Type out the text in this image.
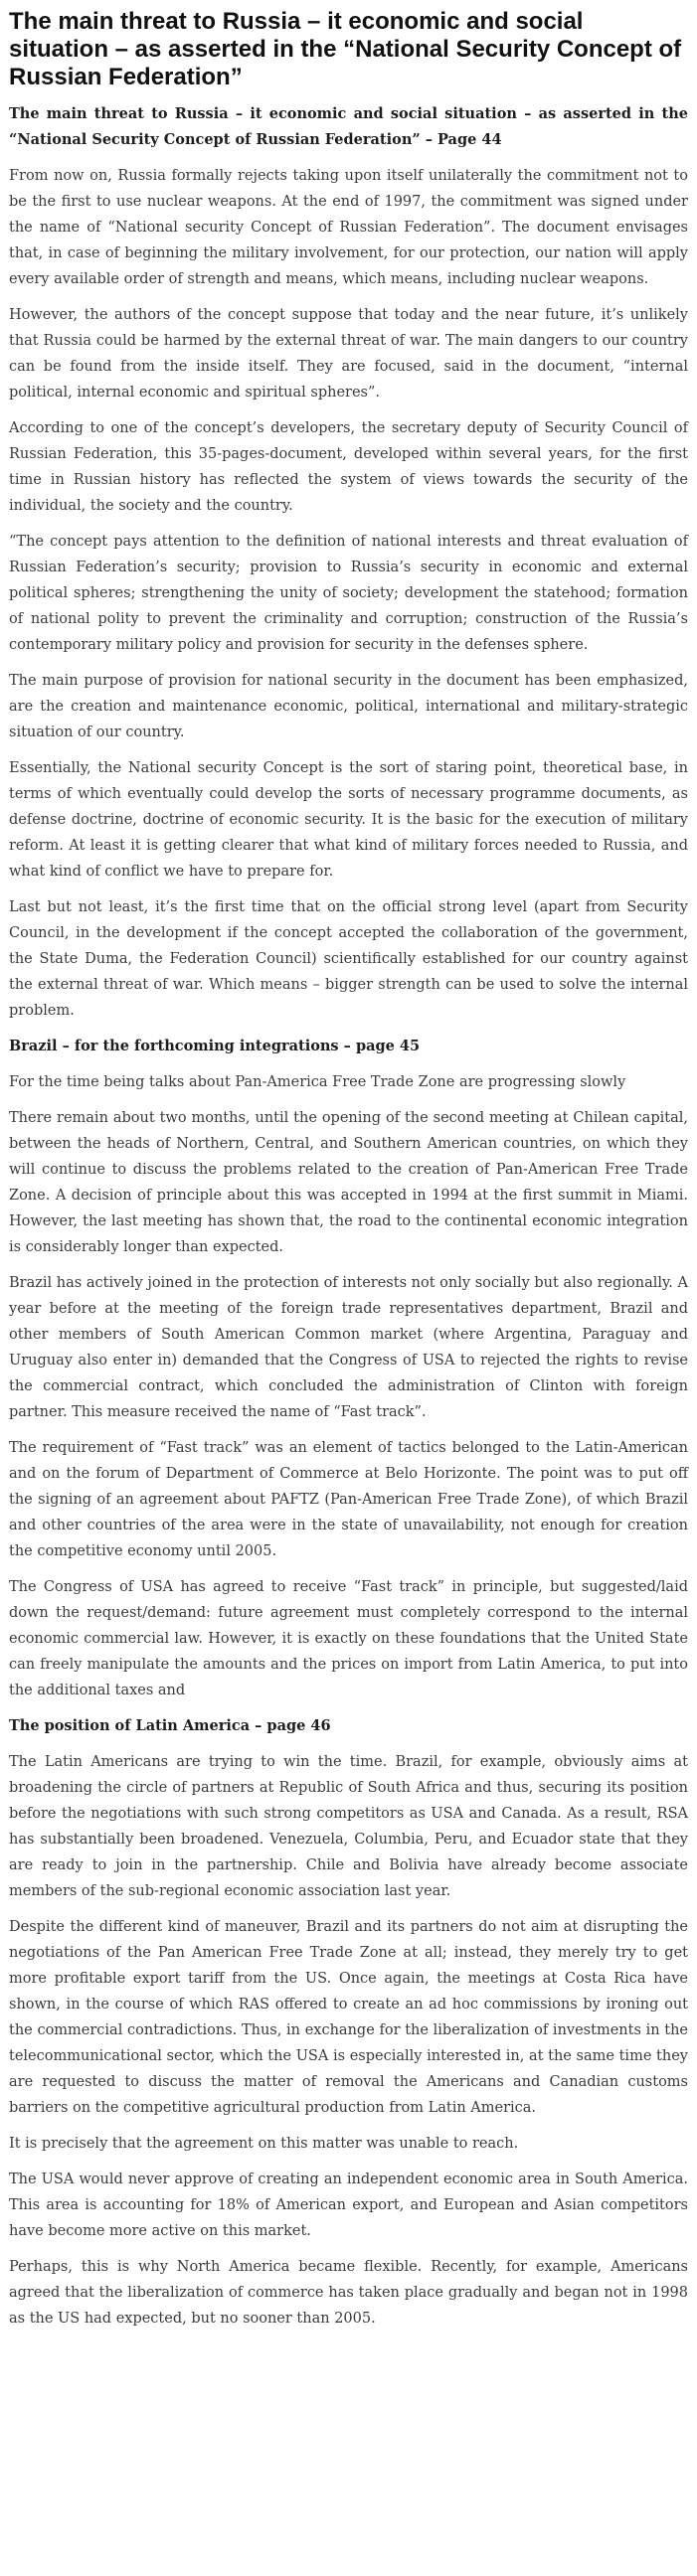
The main threat to Russia – it economic and social situation – as asserted in the “National Security Concept of Russian Federation”

The main threat to Russia – it economic and social situation – as asserted in the “National Security Concept of Russian Federation” – Page 44

From now on, Russia formally rejects taking upon itself unilaterally the commitment not to be the first to use nuclear weapons. At the end of 1997, the commitment was signed under the name of “National security Concept of Russian Federation”. The document envisages that, in case of beginning the military involvement, for our protection, our nation will apply every available order of strength and means, which means, including nuclear weapons.

However, the authors of the concept suppose that today and the near future, it’s unlikely that Russia could be harmed by the external threat of war. The main dangers to our country can be found from the inside itself. They are focused, said in the document, “internal political, internal economic and spiritual spheres”.

According to one of the concept’s developers, the secretary deputy of Security Council of Russian Federation, this 35-pages-document, developed within several years, for the first time in Russian history has reflected the system of views towards the security of the individual, the society and the country.

“The concept pays attention to the definition of national interests and threat evaluation of Russian Federation’s security; provision to Russia’s security in economic and external political spheres; strengthening the unity of society; development the statehood; formation of national polity to prevent the criminality and corruption; construction of the Russia’s contemporary military policy and provision for security in the defenses sphere.

The main purpose of provision for national security in the document has been emphasized, are the creation and maintenance economic, political, international and military-strategic situation of our country.

Essentially, the National security Concept is the sort of staring point, theoretical base, in terms of which eventually could develop the sorts of necessary programme documents, as defense doctrine, doctrine of economic security. It is the basic for the execution of military reform. At least it is getting clearer that what kind of military forces needed to Russia, and what kind of conflict we have to prepare for.

Last but not least, it’s the first time that on the official strong level (apart from Security Council, in the development if the concept accepted the collaboration of the government, the State Duma, the Federation Council) scientifically established for our country against the external threat of war. Which means – bigger strength can be used to solve the internal problem.

Brazil – for the forthcoming integrations – page 45

For the time being talks about Pan-America Free Trade Zone are progressing slowly

There remain about two months, until the opening of the second meeting at Chilean capital, between the heads of Northern, Central, and Southern American countries, on which they will continue to discuss the problems related to the creation of Pan-American Free Trade Zone. A decision of principle about this was accepted in 1994 at the first summit in Miami. However, the last meeting has shown that, the road to the continental economic integration is considerably longer than expected.

Brazil has actively joined in the protection of interests not only socially but also regionally. A year before at the meeting of the foreign trade representatives department, Brazil and other members of South American Common market (where Argentina, Paraguay and Uruguay also enter in) demanded that the Congress of USA to rejected the rights to revise the commercial contract, which concluded the administration of Clinton with foreign partner. This measure received the name of “Fast track”.

The requirement of “Fast track” was an element of tactics belonged to the Latin-American and on the forum of Department of Commerce at Belo Horizonte. The point was to put off the signing of an agreement about PAFTZ (Pan-American Free Trade Zone), of which Brazil and other countries of the area were in the state of unavailability, not enough for creation the competitive economy until 2005.

The Congress of USA has agreed to receive “Fast track” in principle, but suggested/laid down the request/demand: future agreement must completely correspond to the internal economic commercial law. However, it is exactly on these foundations that the United State can freely manipulate the amounts and the prices on import from Latin America, to put into the additional taxes and

The position of Latin America – page 46

The Latin Americans are trying to win the time. Brazil, for example, obviously aims at broadening the circle of partners at Republic of South Africa and thus, securing its position before the negotiations with such strong competitors as USA and Canada. As a result, RSA has substantially been broadened. Venezuela, Columbia, Peru, and Ecuador state that they are ready to join in the partnership. Chile and Bolivia have already become associate members of the sub-regional economic association last year.

Despite the different kind of maneuver, Brazil and its partners do not aim at disrupting the negotiations of the Pan American Free Trade Zone at all; instead, they merely try to get more profitable export tariff from the US. Once again, the meetings at Costa Rica have shown, in the course of which RAS offered to create an ad hoc commissions by ironing out the commercial contradictions. Thus, in exchange for the liberalization of investments in the telecommunicational sector, which the USA is especially interested in, at the same time they are requested to discuss the matter of removal the Americans and Canadian customs barriers on the competitive agricultural production from Latin America.

It is precisely that the agreement on this matter was unable to reach.

The USA would never approve of creating an independent economic area in South America. This area is accounting for 18% of American export, and European and Asian competitors have become more active on this market.

Perhaps, this is why North America became flexible. Recently, for example, Americans agreed that the liberalization of commerce has taken place gradually and began not in 1998 as the US had expected, but no sooner than 2005.
